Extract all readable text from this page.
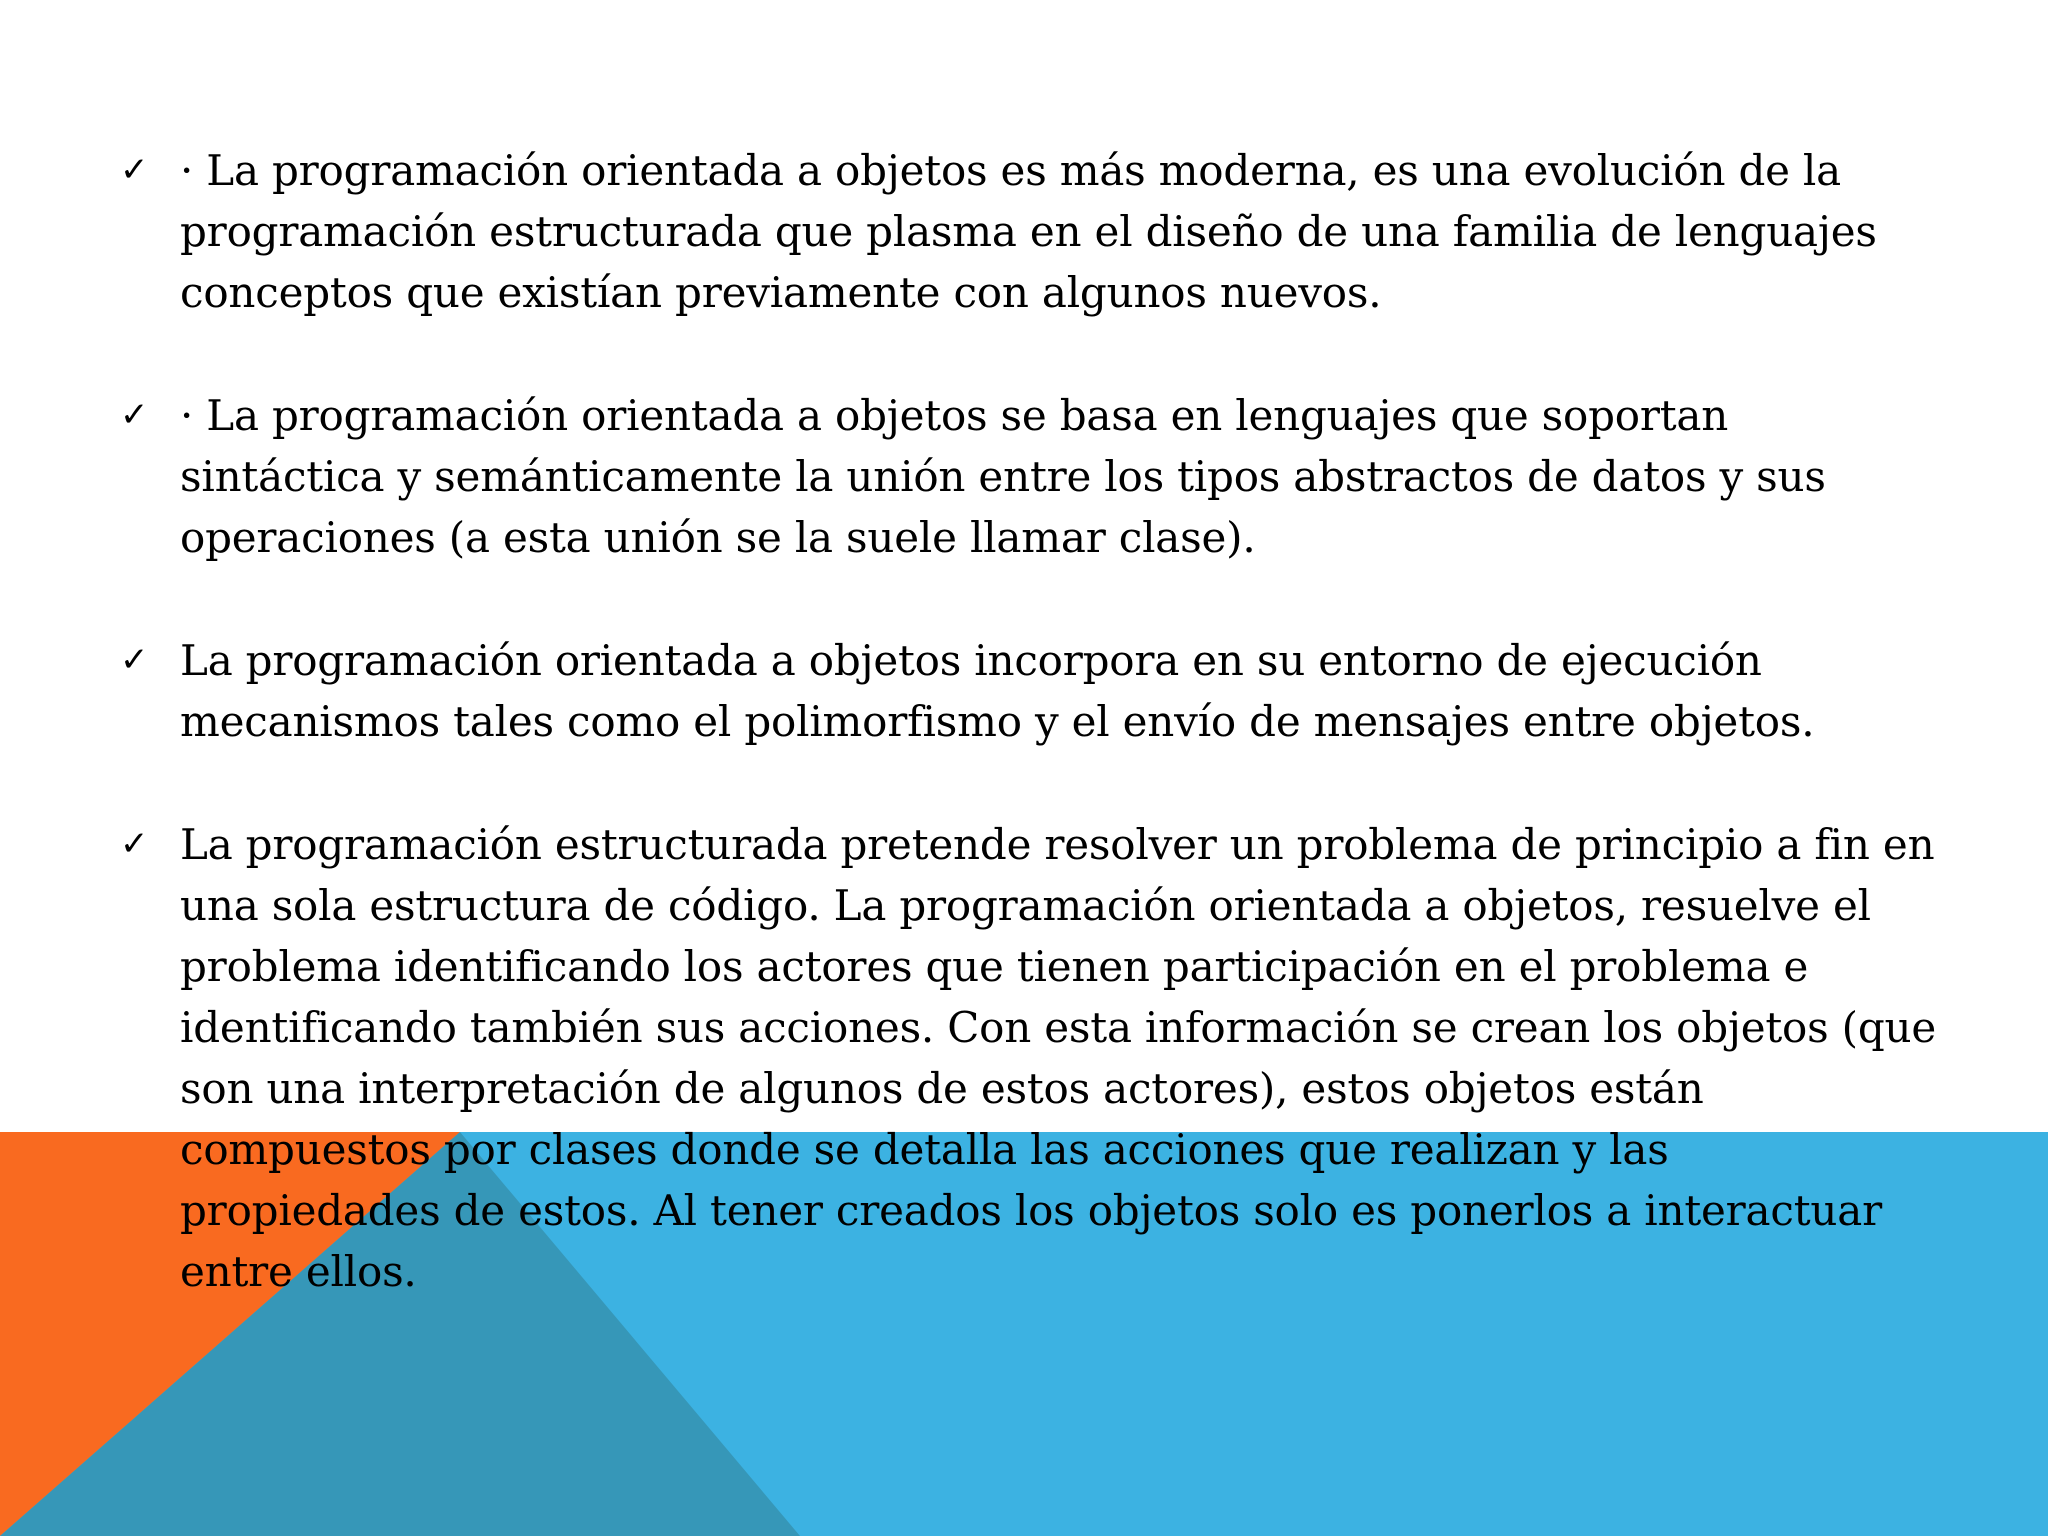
✓ · La programación orientada a objetos es más moderna, es una evolución de la programación estructurada que plasma en el diseño de una familia de lenguajes conceptos que existían previamente con algunos nuevos.
✓ · La programación orientada a objetos se basa en lenguajes que soportan sintáctica y semánticamente la unión entre los tipos abstractos de datos y sus operaciones (a esta unión se la suele llamar clase).
✓ La programación orientada a objetos incorpora en su entorno de ejecución mecanismos tales como el polimorfismo y el envío de mensajes entre objetos.
✓ La programación estructurada pretende resolver un problema de principio a fin en una sola estructura de código. La programación orientada a objetos, resuelve el problema identificando los actores que tienen participación en el problema e identificando también sus acciones. Con esta información se crean los objetos (que son una interpretación de algunos de estos actores), estos objetos están compuestos por clases donde se detalla las acciones que realizan y las propiedades de estos. Al tener creados los objetos solo es ponerlos a interactuar entre ellos.
